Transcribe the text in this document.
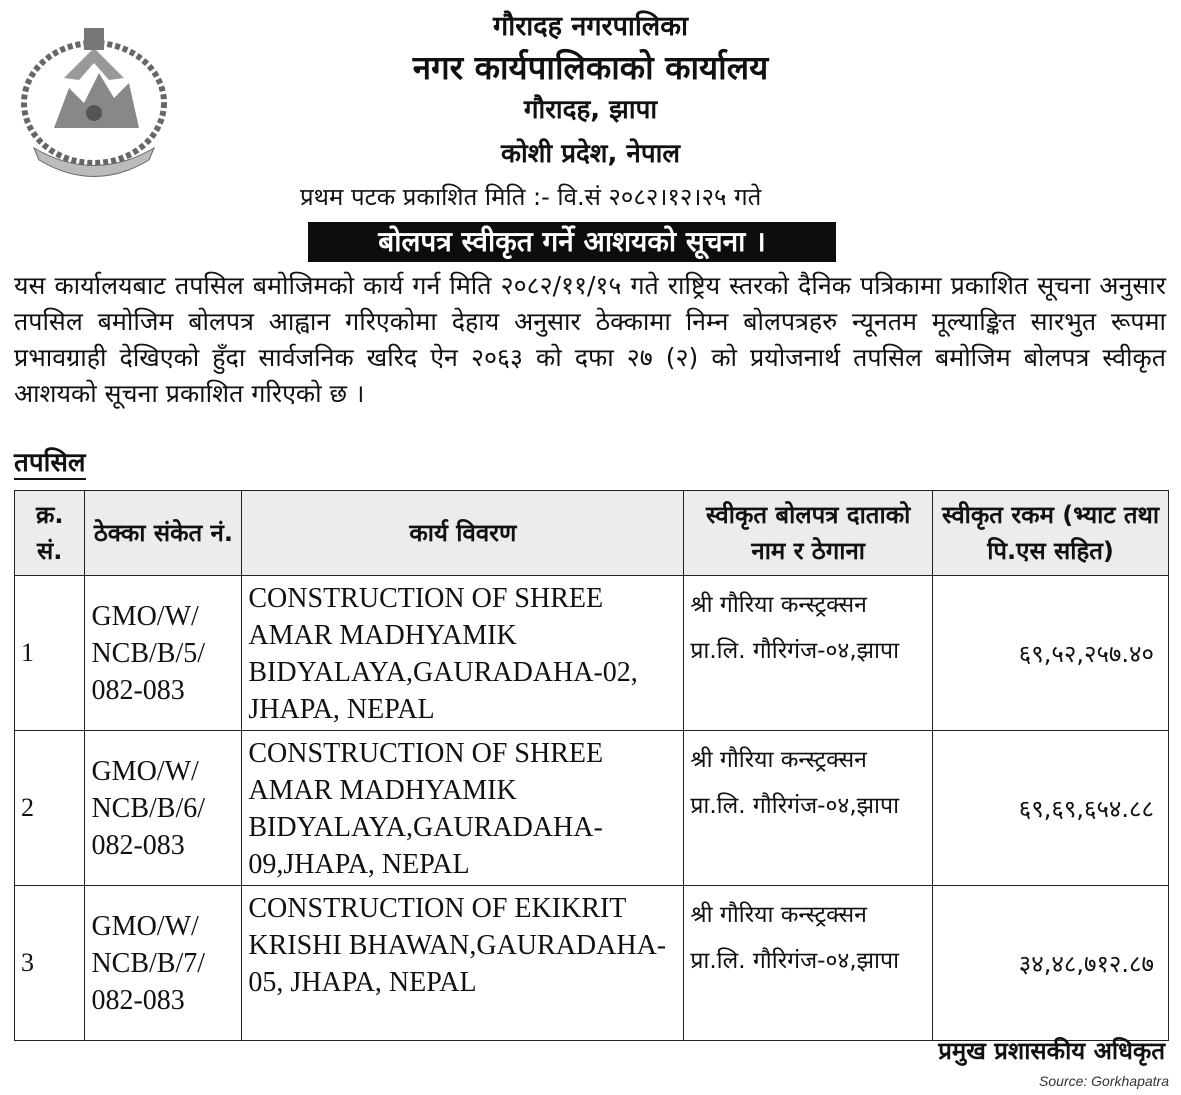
गौरादह नगरपालिका
नगर कार्यपालिकाको कार्यालय
गौरादह, झापा
कोशी प्रदेश, नेपाल
प्रथम पटक प्रकाशित मिति :- वि.सं २०८२।१२।२५ गते
बोलपत्र स्वीकृत गर्ने आशयको सूचना ।
यस कार्यालयबाट तपसिल बमोजिमको कार्य गर्न मिति २०८२/११/१५ गते राष्ट्रिय स्तरको दैनिक पत्रिकामा प्रकाशित सूचना अनुसार तपसिल बमोजिम बोलपत्र आह्वान गरिएकोमा देहाय अनुसार ठेक्कामा निम्न बोलपत्रहरु न्यूनतम मूल्याङ्कित सारभुत रूपमा प्रभावग्राही देखिएको हुँदा सार्वजनिक खरिद ऐन २०६३ को दफा २७ (२) को प्रयोजनार्थ तपसिल बमोजिम बोलपत्र स्वीकृत आशयको सूचना प्रकाशित गरिएको छ ।
तपसिल
क्र. सं.	ठेक्का संकेत नं.	कार्य विवरण	स्वीकृत बोलपत्र दाताको नाम र ठेगाना	स्वीकृत रकम (भ्याट तथा पि.एस सहित)
1	GMO/W/ NCB/B/5/ 082-083	CONSTRUCTION OF SHREE AMAR MADHYAMIK BIDYALAYA,GAURADAHA-02, JHAPA, NEPAL	श्री गौरिया कन्स्ट्रक्सन प्रा.लि. गौरिगंज-०४,झापा	६९,५२,२५७.४०
2	GMO/W/ NCB/B/6/ 082-083	CONSTRUCTION OF SHREE AMAR MADHYAMIK BIDYALAYA,GAURADAHA-09,JHAPA, NEPAL	श्री गौरिया कन्स्ट्रक्सन प्रा.लि. गौरिगंज-०४,झापा	६९,६९,६५४.८८
3	GMO/W/ NCB/B/7/ 082-083	CONSTRUCTION OF EKIKRIT KRISHI BHAWAN,GAURADAHA-05, JHAPA, NEPAL	श्री गौरिया कन्स्ट्रक्सन प्रा.लि. गौरिगंज-०४,झापा	३४,४८,७१२.८७
प्रमुख प्रशासकीय अधिकृत
Source: Gorkhapatra
